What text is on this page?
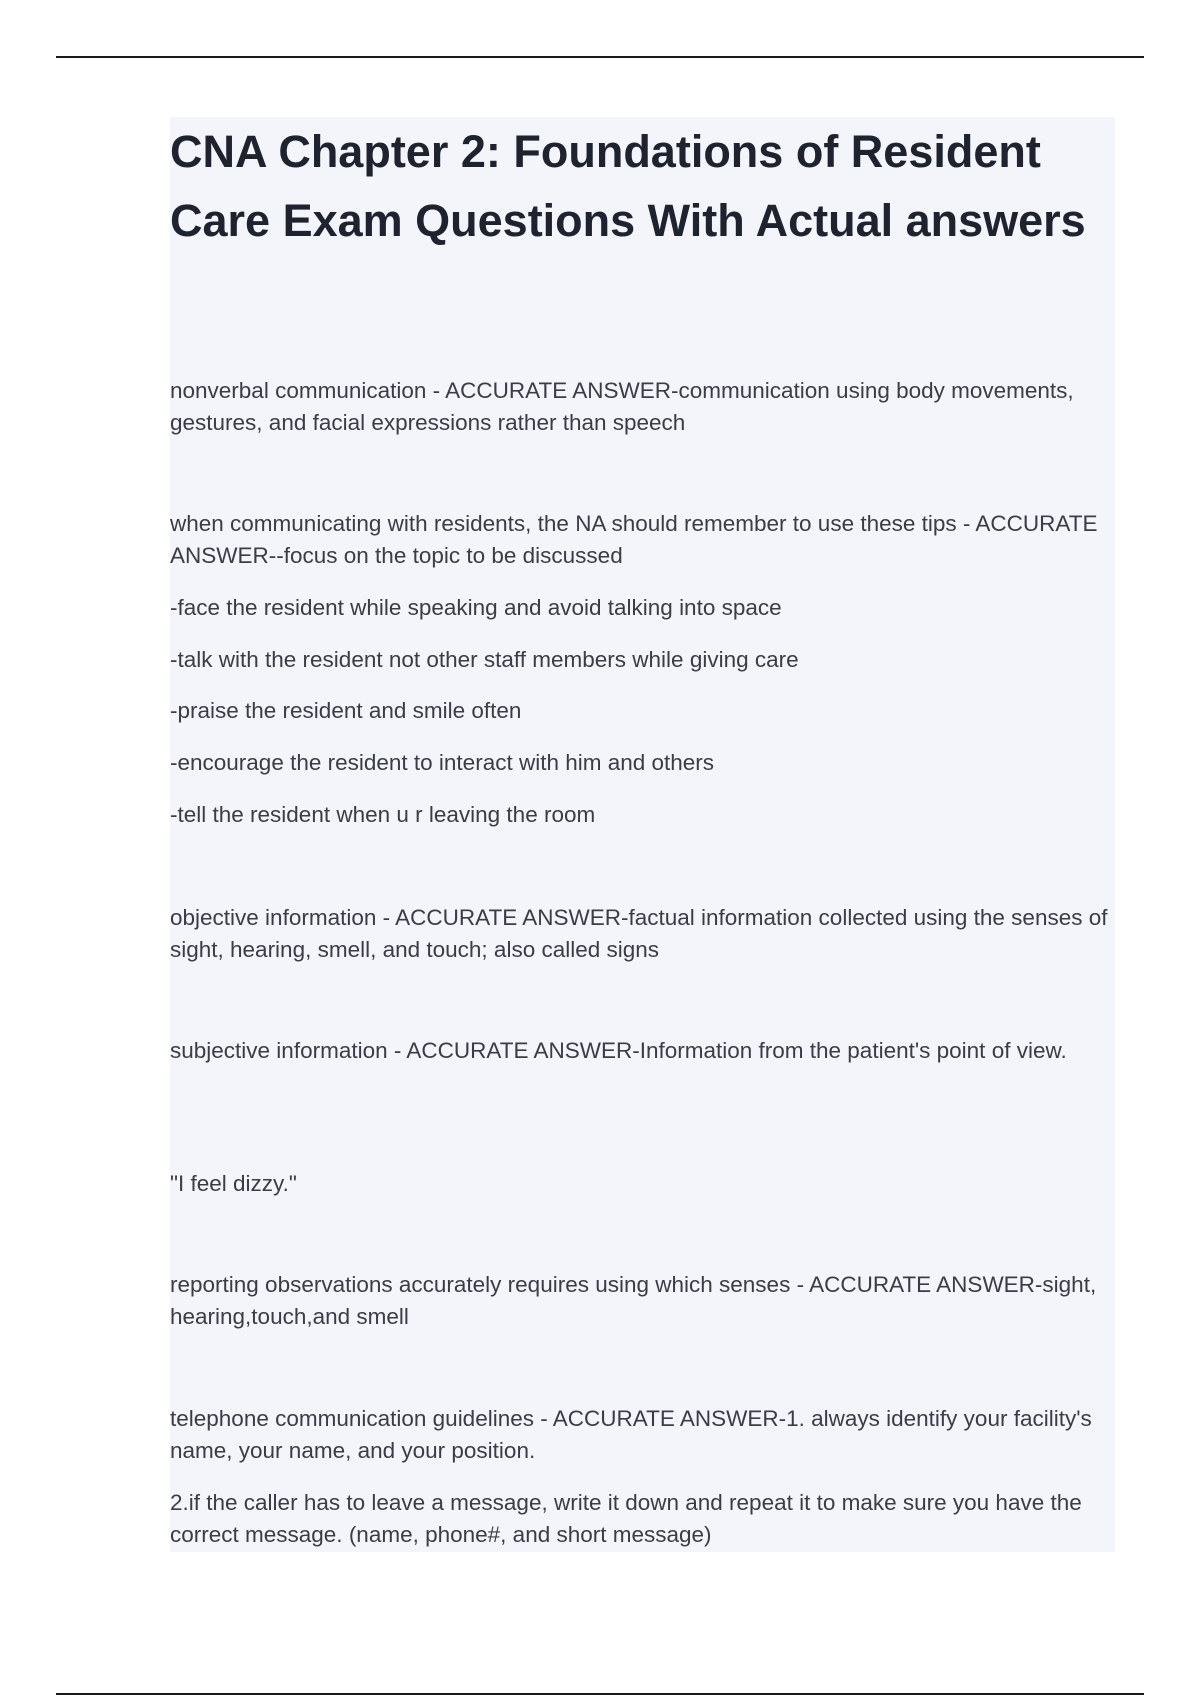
CNA Chapter 2: Foundations of Resident Care Exam Questions With Actual answers

nonverbal communication - ACCURATE ANSWER-communication using body movements, gestures, and facial expressions rather than speech

when communicating with residents, the NA should remember to use these tips - ACCURATE ANSWER--focus on the topic to be discussed

-face the resident while speaking and avoid talking into space

-talk with the resident not other staff members while giving care

-praise the resident and smile often

-encourage the resident to interact with him and others

-tell the resident when u r leaving the room

objective information - ACCURATE ANSWER-factual information collected using the senses of sight, hearing, smell, and touch; also called signs

subjective information - ACCURATE ANSWER-Information from the patient's point of view.

"I feel dizzy."

reporting observations accurately requires using which senses - ACCURATE ANSWER-sight, hearing,touch,and smell

telephone communication guidelines - ACCURATE ANSWER-1. always identify your facility's name, your name, and your position.

2.if the caller has to leave a message, write it down and repeat it to make sure you have the correct message. (name, phone#, and short message)
